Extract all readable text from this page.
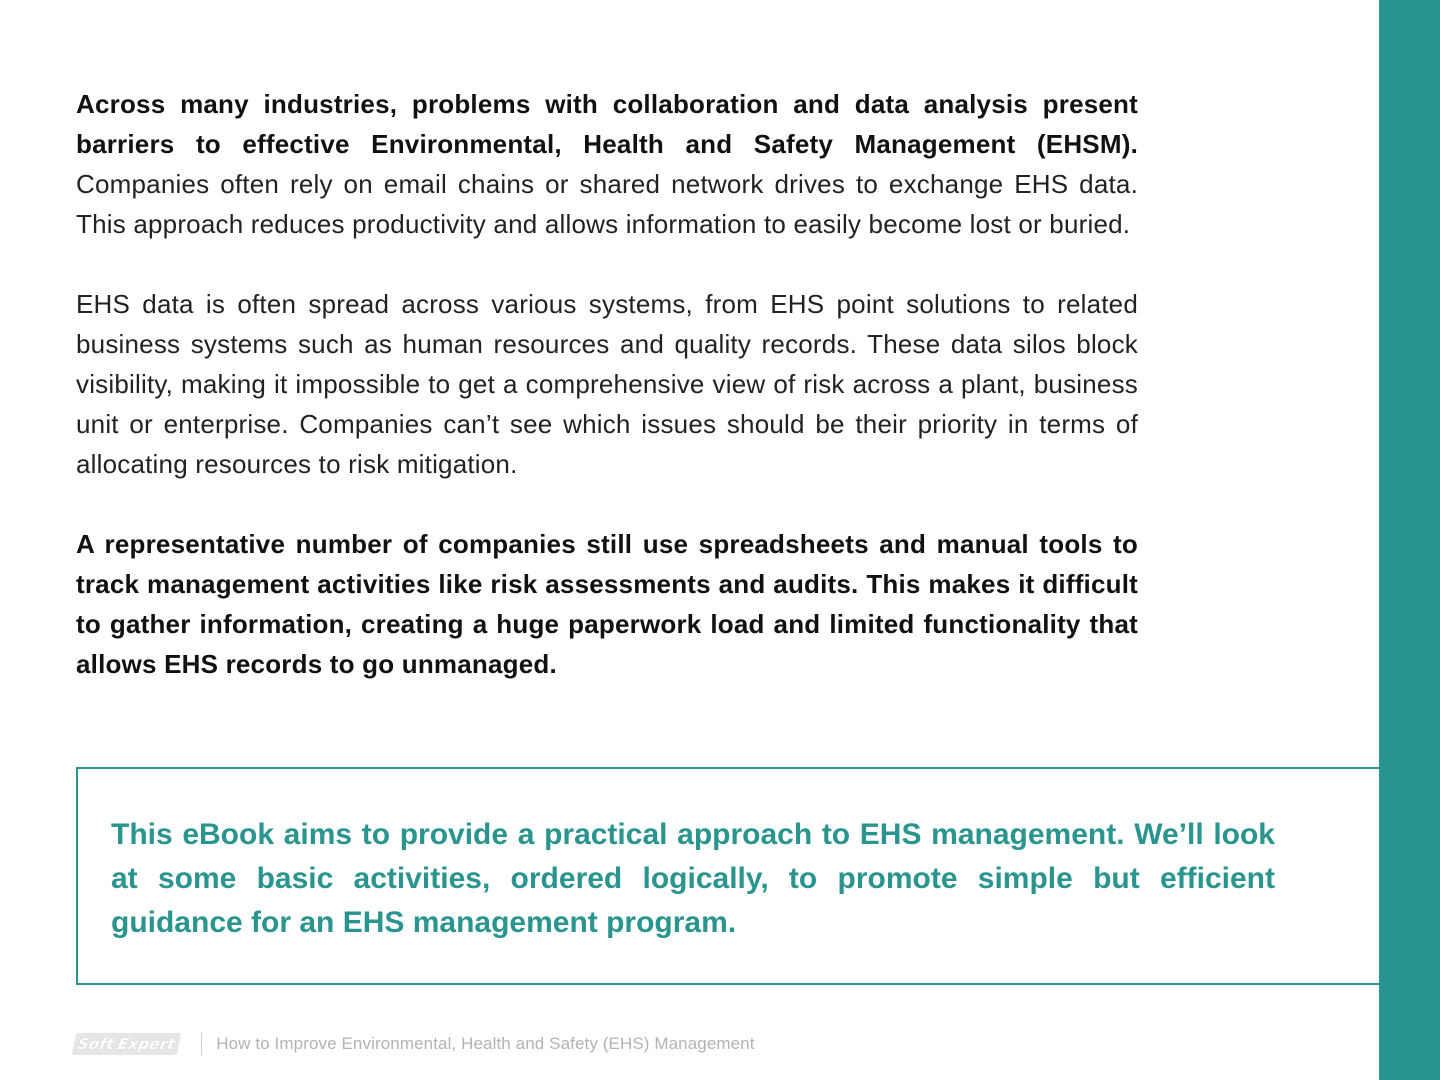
Across many industries, problems with collaboration and data analysis present barriers to effective Environmental, Health and Safety Management (EHSM). Companies often rely on email chains or shared network drives to exchange EHS data. This approach reduces productivity and allows information to easily become lost or buried.

EHS data is often spread across various systems, from EHS point solutions to related business systems such as human resources and quality records. These data silos block visibility, making it impossible to get a comprehensive view of risk across a plant, business unit or enterprise. Companies can’t see which issues should be their priority in terms of allocating resources to risk mitigation.

A representative number of companies still use spreadsheets and manual tools to track management activities like risk assessments and audits. This makes it difficult to gather information, creating a huge paperwork load and limited functionality that allows EHS records to go unmanaged.

This eBook aims to provide a practical approach to EHS management. We’ll look at some basic activities, ordered logically, to promote simple but efficient guidance for an EHS management program.

Soft Expert How to Improve Environmental, Health and Safety (EHS) Management
